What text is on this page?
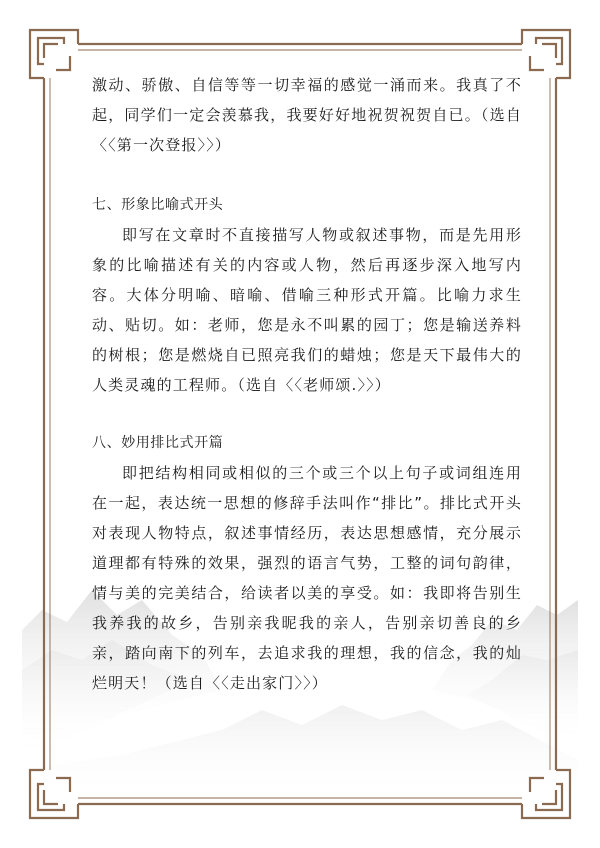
激动、骄傲、自信等等一切幸福的感觉一涌而来。我真了不起，同学们一定会羡慕我，我要好好地祝贺祝贺自已。（选自〈〈第一次登报〉〉）

七、形象比喻式开头

即写在文章时不直接描写人物或叙述事物，而是先用形象的比喻描述有关的内容或人物，然后再逐步深入地写内容。大体分明喻、暗喻、借喻三种形式开篇。比喻力求生动、贴切。如：老师，您是永不叫累的园丁；您是输送养料的树根；您是燃烧自已照亮我们的蜡烛；您是天下最伟大的人类灵魂的工程师。（选自〈〈老师颂.〉〉）

八、妙用排比式开篇

即把结构相同或相似的三个或三个以上句子或词组连用在一起，表达统一思想的修辞手法叫作“排比”。排比式开头对表现人物特点，叙述事情经历，表达思想感情，充分展示道理都有特殊的效果，强烈的语言气势，工整的词句韵律，情与美的完美结合，给读者以美的享受。如：我即将告别生我养我的故乡，告别亲我昵我的亲人，告别亲切善良的乡亲，踏向南下的列车，去追求我的理想，我的信念，我的灿烂明天！（选自〈〈走出家门〉〉）
